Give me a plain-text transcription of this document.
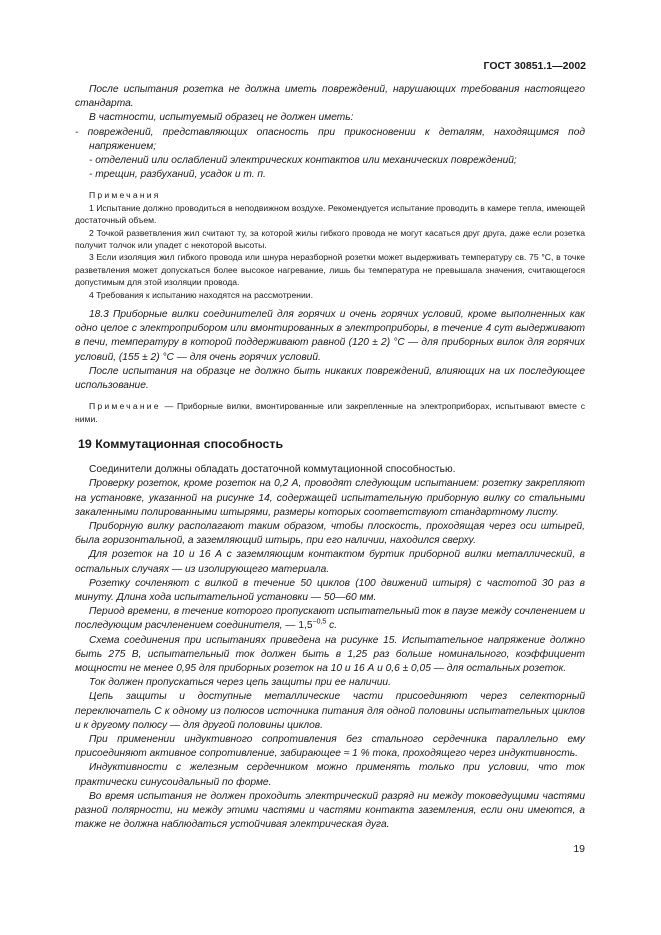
ГОСТ 30851.1—2002

После испытания розетка не должна иметь повреждений, нарушающих требования настоящего стандарта.

В частности, испытуемый образец не должен иметь:

- повреждений, представляющих опасность при прикосновении к деталям, находящимся под напряжением;

- отделений или ослаблений электрических контактов или механических повреждений;

- трещин, разбуханий, усадок и т. п.

Примечания

1 Испытание должно проводиться в неподвижном воздухе. Рекомендуется испытание проводить в камере тепла, имеющей достаточный объем.

2 Точкой разветвления жил считают ту, за которой жилы гибкого провода не могут касаться друг друга, даже если розетка получит толчок или упадет с некоторой высоты.

3 Если изоляция жил гибкого провода или шнура неразборной розетки может выдерживать температуру св. 75 °С, в точке разветвления может допускаться более высокое нагревание, лишь бы температура не превышала значения, считающегося допустимым для этой изоляции провода.

4 Требования к испытанию находятся на рассмотрении.

18.3 Приборные вилки соединителей для горячих и очень горячих условий, кроме выполненных как одно целое с электроприбором или вмонтированных в электроприборы, в течение 4 сут выдерживают в печи, температуру в которой поддерживают равной (120 ± 2) °С — для приборных вилок для горячих условий, (155 ± 2) °С — для очень горячих условий.

После испытания на образце не должно быть никаких повреждений, влияющих на их последующее использование.

Примечание — Приборные вилки, вмонтированные или закрепленные на электроприборах, испытывают вместе с ними.

19 Коммутационная способность

Соединители должны обладать достаточной коммутационной способностью.

Проверку розеток, кроме розеток на 0,2 А, проводят следующим испытанием: розетку закрепляют на установке, указанной на рисунке 14, содержащей испытательную приборную вилку со стальными закаленными полированными штырями, размеры которых соответствуют стандартному листу.

Приборную вилку располагают таким образом, чтобы плоскость, проходящая через оси штырей, была горизонтальной, а заземляющий штырь, при его наличии, находился сверху.

Для розеток на 10 и 16 А с заземляющим контактом буртик приборной вилки металлический, в остальных случаях — из изолирующего материала.

Розетку сочленяют с вилкой в течение 50 циклов (100 движений штыря) с частотой 30 раз в минуту. Длина хода испытательной установки — 50—60 мм.

Период времени, в течение которого пропускают испытательный ток в паузе между сочленением и последующим расчленением соединителя, — $1,5^{-0,5}$ с.

Схема соединения при испытаниях приведена на рисунке 15. Испытательное напряжение должно быть 275 В, испытательный ток должен быть в 1,25 раз больше номинального, коэффициент мощности не менее 0,95 для приборных розеток на 10 и 16 А и 0,6 ± 0,05 — для остальных розеток.

Ток должен пропускаться через цепь защиты при ее наличии.

Цепь защиты и доступные металлические части присоединяют через селекторный переключатель С к одному из полюсов источника питания для одной половины испытательных циклов и к другому полюсу — для другой половины циклов.

При применении индуктивного сопротивления без стального сердечника параллельно ему присоединяют активное сопротивление, забирающее ≈ 1 % тока, проходящего через индуктивность.

Индуктивности с железным сердечником можно применять только при условии, что ток практически синусоидальный по форме.

Во время испытания не должен проходить электрический разряд ни между токоведущими частями разной полярности, ни между этими частями и частями контакта заземления, если они имеются, а также не должна наблюдаться устойчивая электрическая дуга.

19
